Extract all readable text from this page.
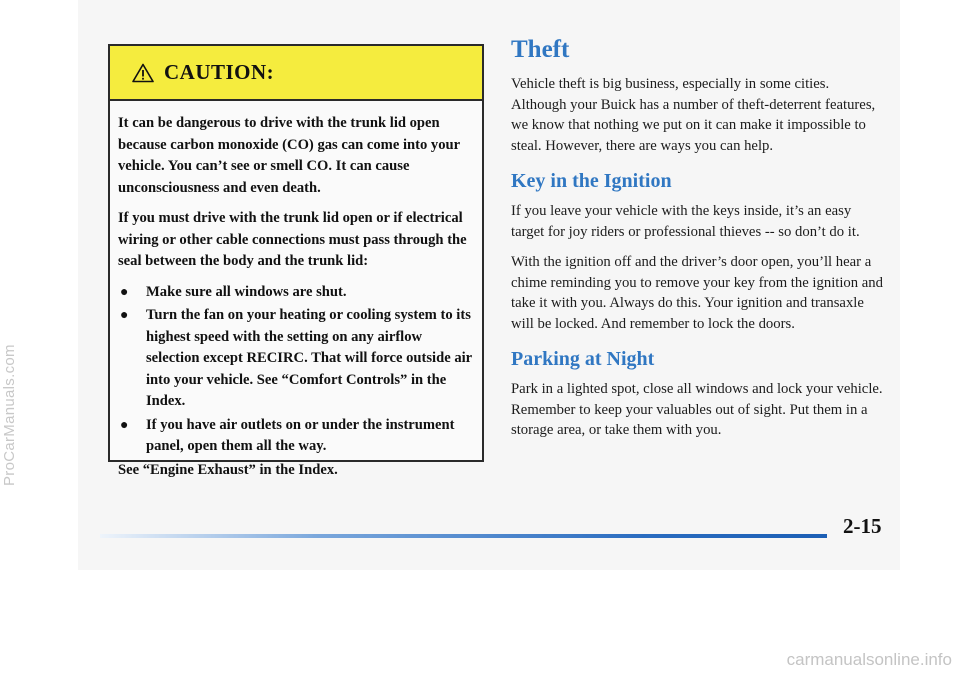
ProCarManuals.com
carmanualsonline.info
CAUTION:

It can be dangerous to drive with the trunk lid open because carbon monoxide (CO) gas can come into your vehicle. You can’t see or smell CO. It can cause unconsciousness and even death.

If you must drive with the trunk lid open or if electrical wiring or other cable connections must pass through the seal between the body and the trunk lid:

● Make sure all windows are shut.
● Turn the fan on your heating or cooling system to its highest speed with the setting on any airflow selection except RECIRC. That will force outside air into your vehicle. See “Comfort Controls” in the Index.
● If you have air outlets on or under the instrument panel, open them all the way.

See “Engine Exhaust” in the Index.

Theft

Vehicle theft is big business, especially in some cities. Although your Buick has a number of theft-deterrent features, we know that nothing we put on it can make it impossible to steal. However, there are ways you can help.

Key in the Ignition

If you leave your vehicle with the keys inside, it’s an easy target for joy riders or professional thieves -- so don’t do it.

With the ignition off and the driver’s door open, you’ll hear a chime reminding you to remove your key from the ignition and take it with you. Always do this. Your ignition and transaxle will be locked. And remember to lock the doors.

Parking at Night

Park in a lighted spot, close all windows and lock your vehicle. Remember to keep your valuables out of sight. Put them in a storage area, or take them with you.

2-15
